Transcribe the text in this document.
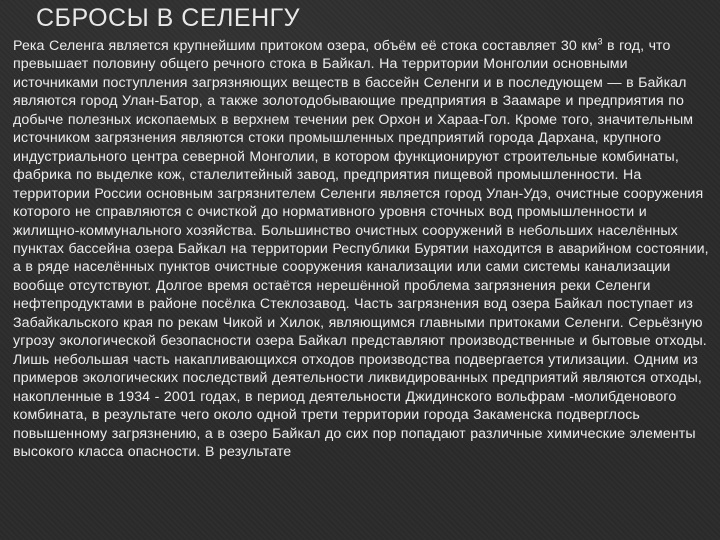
СБРОСЫ В СЕЛЕНГУ

Река Селенга является крупнейшим притоком озера, объём её стока составляет 30 $км^3$ в год, что превышает половину общего речного стока в Байкал. На территории Монголии основными источниками поступления загрязняющих веществ в бассейн Селенги и в последующем — в Байкал являются город Улан-Батор, а также золотодобывающие предприятия в Заамаре и предприятия по добыче полезных ископаемых в верхнем течении рек Орхон и Хараа-Гол. Кроме того, значительным источником загрязнения являются стоки промышленных предприятий города Дархана, крупного индустриального центра северной Монголии, в котором функционируют строительные комбинаты, фабрика по выделке кож, сталелитейный завод, предприятия пищевой промышленности. На территории России основным загрязнителем Селенги является город Улан-Удэ, очистные сооружения которого не справляются с очисткой до нормативного уровня сточных вод промышленности и жилищно-коммунального хозяйства. Большинство очистных сооружений в небольших населённых пунктах бассейна озера Байкал на территории Республики Бурятии находится в аварийном состоянии, а в ряде населённых пунктов очистные сооружения канализации или сами системы канализации вообще отсутствуют. Долгое время остаётся нерешённой проблема загрязнения реки Селенги нефтепродуктами в районе посёлка Стеклозавод. Часть загрязнения вод озера Байкал поступает из Забайкальского края по рекам Чикой и Хилок, являющимся главными притоками Селенги. Серьёзную угрозу экологической безопасности озера Байкал представляют производственные и бытовые отходы. Лишь небольшая часть накапливающихся отходов производства подвергается утилизации. Одним из примеров экологических последствий деятельности ликвидированных предприятий являются отходы, накопленные в 1934 - 2001 годах, в период деятельности Джидинского вольфрам -молибденового комбината, в результате чего около одной трети территории города Закаменска подверглось повышенному загрязнению, а в озеро Байкал до сих пор попадают различные химические элементы высокого класса опасности. В результате
